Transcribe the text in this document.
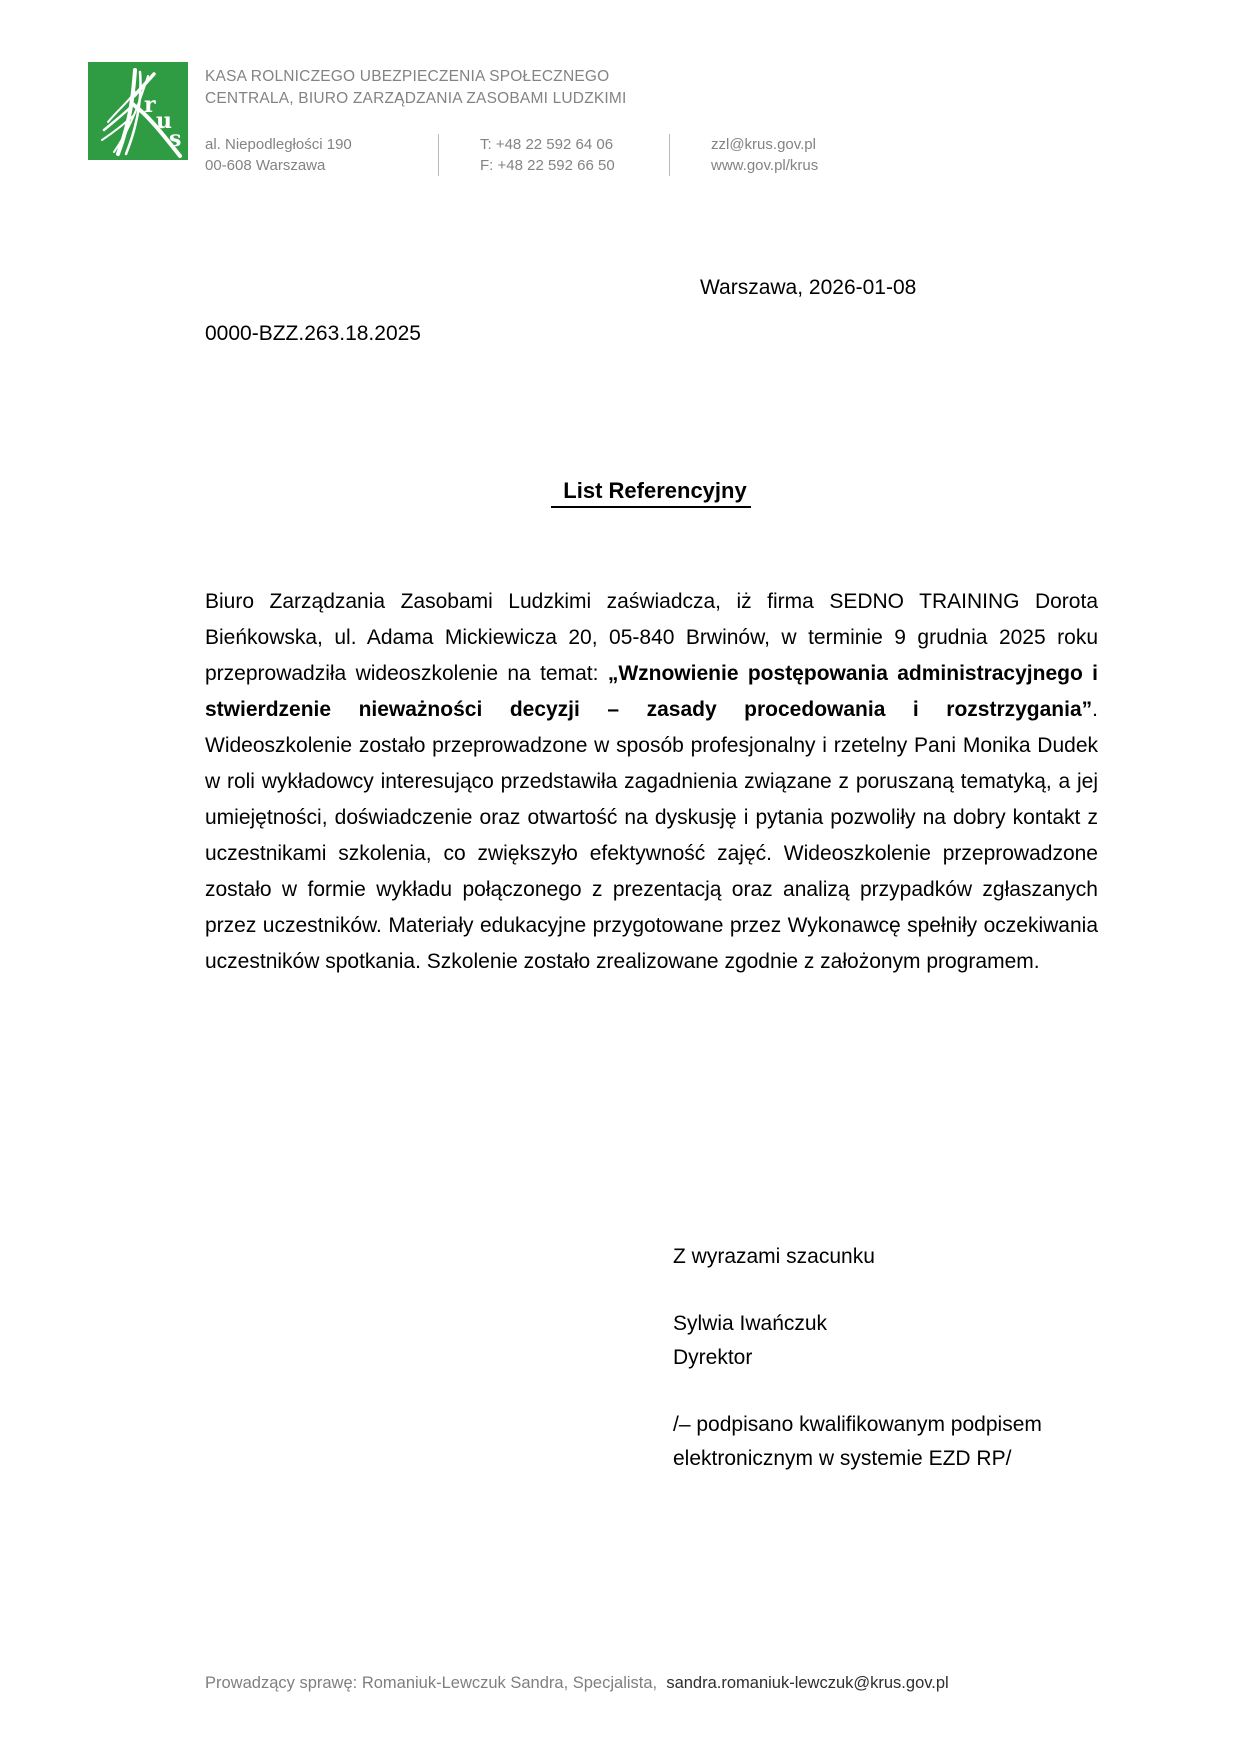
r
u
s
KASA ROLNICZEGO UBEZPIECZENIA SPOŁECZNEGO
CENTRALA, BIURO ZARZĄDZANIA ZASOBAMI LUDZKIMI
al. Niepodległości 190
00-608 Warszawa
T: +48 22 592 64 06
F: +48 22 592 66 50
zzl@krus.gov.pl
www.gov.pl/krus
Warszawa, 2026-01-08
0000-BZZ.263.18.2025
List Referencyjny
Biuro Zarządzania Zasobami Ludzkimi zaświadcza, iż firma SEDNO TRAINING Dorota Bieńkowska, ul. Adama Mickiewicza 20, 05-840 Brwinów, w terminie 9 grudnia 2025 roku przeprowadziła wideoszkolenie na temat: „Wznowienie postępowania administracyjnego i stwierdzenie nieważności decyzji – zasady procedowania i rozstrzygania”. Wideoszkolenie zostało przeprowadzone w sposób profesjonalny i rzetelny Pani Monika Dudek w roli wykładowcy interesująco przedstawiła zagadnienia związane z poruszaną tematyką, a jej umiejętności, doświadczenie oraz otwartość na dyskusję i pytania pozwoliły na dobry kontakt z uczestnikami szkolenia, co zwiększyło efektywność zajęć. Wideoszkolenie przeprowadzone zostało w formie wykładu połączonego z prezentacją oraz analizą przypadków zgłaszanych przez uczestników. Materiały edukacyjne przygotowane przez Wykonawcę spełniły oczekiwania uczestników spotkania. Szkolenie zostało zrealizowane zgodnie z założonym programem.
Z wyrazami szacunku
Sylwia Iwańczuk
Dyrektor
/– podpisano kwalifikowanym podpisem
elektronicznym w systemie EZD RP/
Prowadzący sprawę: Romaniuk-Lewczuk Sandra, Specjalista, sandra.romaniuk-lewczuk@krus.gov.pl
